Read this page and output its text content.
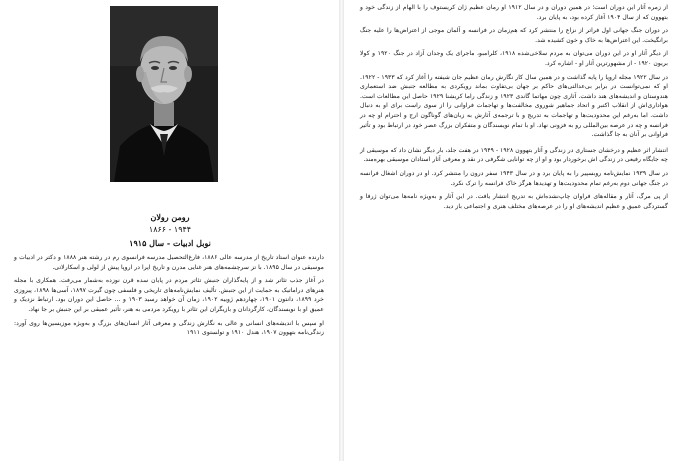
رومن رولان
۱۹۴۴ - ۱۸۶۶
نوبل ادبیات - سال ۱۹۱۵

دارنده عنوان استاد تاریخ از مدرسه عالی ۱۸۸۶، فارغ‌التحصیل مدرسه فرانسوی رم در رشته هنر ۱۸۸۸ و دکتر در ادبیات و موسیقی در سال ۱۸۹۵. با تز سرچشمه‌های هنر غنایی مدرن و تاریخ اپرا در اروپا پیش از لولی و اسکارلاتی.

در آغاز جذب تئاتر شد و از پایه‌گذاران جنبش تئاتر مردم در پایان سده قرن نوزده به‌شمار می‌رفت. همکاری با مجله هنرهای دراماتیک به حمایت از این جنبش. تألیف نمایش‌نامه‌های تاریخی و فلسفی چون گیرت ۱۸۹۷، آسی‌ها ۱۸۹۸، پیروزی خرد ۱۸۹۹، دانتون ۱۹۰۱، چهاردهم ژوییه ۱۹۰۲، زمان آن خواهد رسید ۱۹۰۳ و ... حاصل این دوران بود. ارتباط نزدیک و عمیق او با نویسندگان، کارگردانان و بازیگران این تئاتر با رویکرد مردمی به هنر، تأثیر عمیقی بر این جنبش بر جا نهاد.

او سپس با اندیشه‌های انسانی و عالی به نگارش زندگی و معرفی آثار انسان‌های بزرگ و به‌ویژه موزیسین‌ها روی آورد: زندگی‌نامه بتهوون ۱۹۰۷، هندل ۱۹۱۰ و تولستوی ۱۹۱۱

از زمره آثار این دوران است؛ در همین دوران و در سال ۱۹۱۲ او رمان عظیم ژان کریستوف را با الهام از زندگی خود و بتهوون که از سال ۱۹۰۴ آغاز کرده بود، به پایان برد.

در دوران جنگ جهانی اول فراتر از نزاع را منتشر کرد که هم‌زمان در فرانسه و آلمان موجی از اعتراض‌ها را علیه جنگ برانگیخت. این اعتراض‌ها به خاک و خون کشیده شد.

از دیگر آثار او در این دوران می‌توان به مردم سلاخی‌شده ۱۹۱۸، کلرامبو، ماجرای یک وجدان آزاد در جنگ ۱۹۲۰ و کولا بریون ۱۹۲۰ - از مشهورترین آثار او - اشاره کرد.

در سال ۱۹۲۲ مجله اروپا را پایه گذاشت و در همین سال کار نگارش رمان عظیم جان شیفته را آغاز کرد که ۱۹۳۳ - ۱۹۲۲. او که نمی‌توانست در برابر بی‌عدالتی‌های حاکم بر جهان بی‌تفاوت بماند رویکردی به مطالعه جنبش ضد استعماری هندوستان و اندیشه‌های هند داشت. آثاری چون مهاتما گاندی ۱۹۲۳ و زندگی راما کریشنا ۱۹۲۹ حاصل این مطالعات است. هواداری‌اش از انقلاب اکتبر و اتحاد جماهیر شوروی مخالفت‌ها و تهاجمات فراوانی را از سوی راست برای او به دنبال داشت. اما به‌رغم این محدودیت‌ها و تهاجمات به تدریج و با ترجمه‌ی آثارش به زبان‌های گوناگون ارج و احترام او چه در فرانسه و چه در عرصه بین‌المللی رو به فزونی نهاد. او با تمام نویسندگان و متفکران بزرگ عصر خود در ارتباط بود و تأثیر فراوانی بر آنان به جا گذاشت.

انتشار اثر عظیم و درخشان جستاری در زندگی و آثار بتهوون ۱۹۲۸ - ۱۹۴۹ در هفت جلد، بار دیگر نشان داد که موسیقی از چه جایگاه رفیعی در زندگی اش برخوردار بود و او از چه توانایی شگرفی در نقد و معرفی آثار استادان موسیقی بهره‌مند.

در سال ۱۹۳۹ نمایش‌نامه روبسپیر را به پایان برد و در سال ۱۹۴۳ سفر درون را منتشر کرد. او در دوران اشغال فرانسه در جنگ جهانی دوم به‌رغم تمام محدودیت‌ها و تهدیدها هرگز خاک فرانسه را ترک نکرد.

از پی مرگ، آثار و مقاله‌های فراوان چاپ‌نشده‌اش به تدریج انتشار یافت. در این آثار و به‌ویژه نامه‌ها می‌توان ژرفا و گستردگی عمیق و عظیم اندیشه‌های او را در عرصه‌های مختلف هنری و اجتماعی باز دید.
